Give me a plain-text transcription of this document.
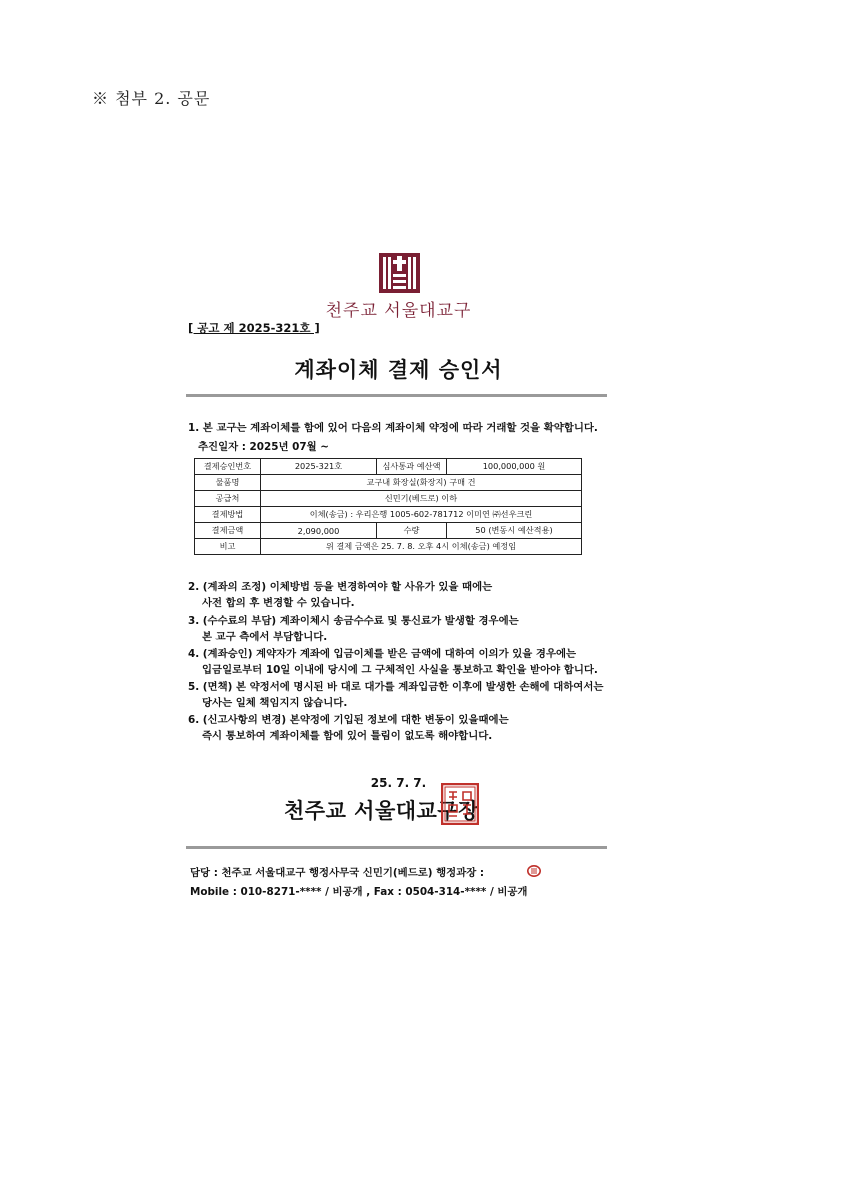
※ 첨부 2. 공문
천주교 서울대교구
[ 공고 제 2025-321호 ]
계좌이체 결제 승인서
1. 본 교구는 계좌이체를 함에 있어 다음의 계좌이체 약정에 따라 거래할 것을 확약합니다.
추진일자 : 2025년 07월 ~
결제승인번호	2025-321호	심사통과 예산액	100,000,000 원
물품명	교구내 화장실(화장지) 구매 건		
공급처	신민기(베드로) 이하		
결제방법	이체(송금) : 우리은행 1005-602-781712 이미연 ㈜선우크린		
결제금액	2,090,000	수량	50 (변동시 예산적용)
비고	위 결제 금액은 25. 7. 8. 오후 4시 이체(송금) 예정임		
2. (계좌의 조정) 이체방법 등을 변경하여야 할 사유가 있을 때에는
사전 합의 후 변경할 수 있습니다.
3. (수수료의 부담) 계좌이체시 송금수수료 및 통신료가 발생할 경우에는
본 교구 측에서 부담합니다.
4. (계좌승인) 계약자가 계좌에 입금이체를 받은 금액에 대하여 이의가 있을 경우에는
입금일로부터 10일 이내에 당시에 그 구체적인 사실을 통보하고 확인을 받아야 합니다.
5. (면책) 본 약정서에 명시된 바 대로 대가를 계좌입금한 이후에 발생한 손해에 대하여서는
당사는 일체 책임지지 않습니다.
6. (신고사항의 변경) 본약정에 기입된 정보에 대한 변동이 있을때에는
즉시 통보하여 계좌이체를 함에 있어 틀림이 없도록 해야합니다.
25. 7. 7.
천주교 서울대교구장
담당 : 천주교 서울대교구 행정사무국 신민기(베드로) 행정과장 :
Mobile : 010-8271-**** / 비공개 , Fax : 0504-314-**** / 비공개
